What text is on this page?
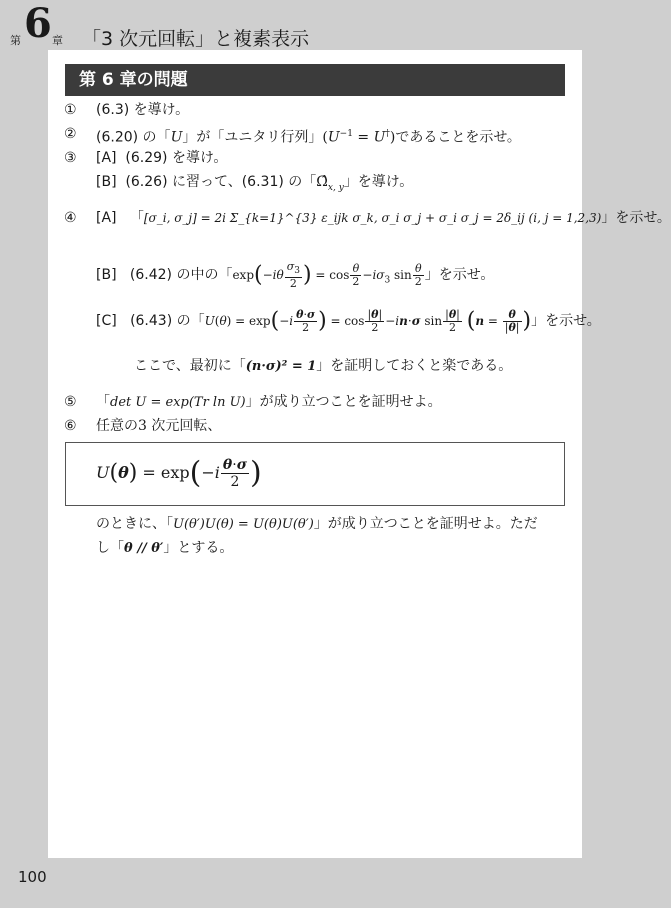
第 6 章 「3 次元回転」と複素表示
第 6 章の問題
① (6.3) を導け。
② (6.20) の「U」が「ユニタリ行列」$(U^{-1} = U^\dagger)$であることを示せ。
③ [A] (6.29) を導け。
[B] (6.26) に習って、(6.31) の「$\Omegâ_{x, y}$」を導け。
④ [A]   「[σ_i, σ_j] = 2i Σ_{k=1}^{3} ε_ijk σ_k, σ_i σ_j + σ_i σ_j = 2δ_ij (i, j = 1,2,3)」を示せ。
[B] (6.42) の中の「$\exp(-i\theta \frac{\sigma_3}{2}$ ) = $\cos \frac{\theta}{2} -i\sigma_3$ $\sin \frac{\theta}{2}$ 」を示せ。
[C] (6.43) の「$U(\theta) = \exp(-i \frac{\theta\cdot\sigma}{2}$ ) = $\cos \frac{|\theta|}{2} -in\cdot\sigma$ $\sin \frac{|\theta|}{2} (n = \frac{\theta}{|\theta|}$ )」を示せ。
ここで、最初に「(n·σ)² = 1」を証明しておくと楽である。
⑤ 「det U = exp(Tr ln U)」が成り立つことを証明せよ。
⑥ 任意の3 次元回転、
$U(\theta) = \exp(-i \frac{\theta\cdot\sigma}{2}$ )
のときに、「U(θ′)U(θ) = U(θ)U(θ′)」が成り立つことを証明せよ。ただ
し「θ // θ′」とする。
100
